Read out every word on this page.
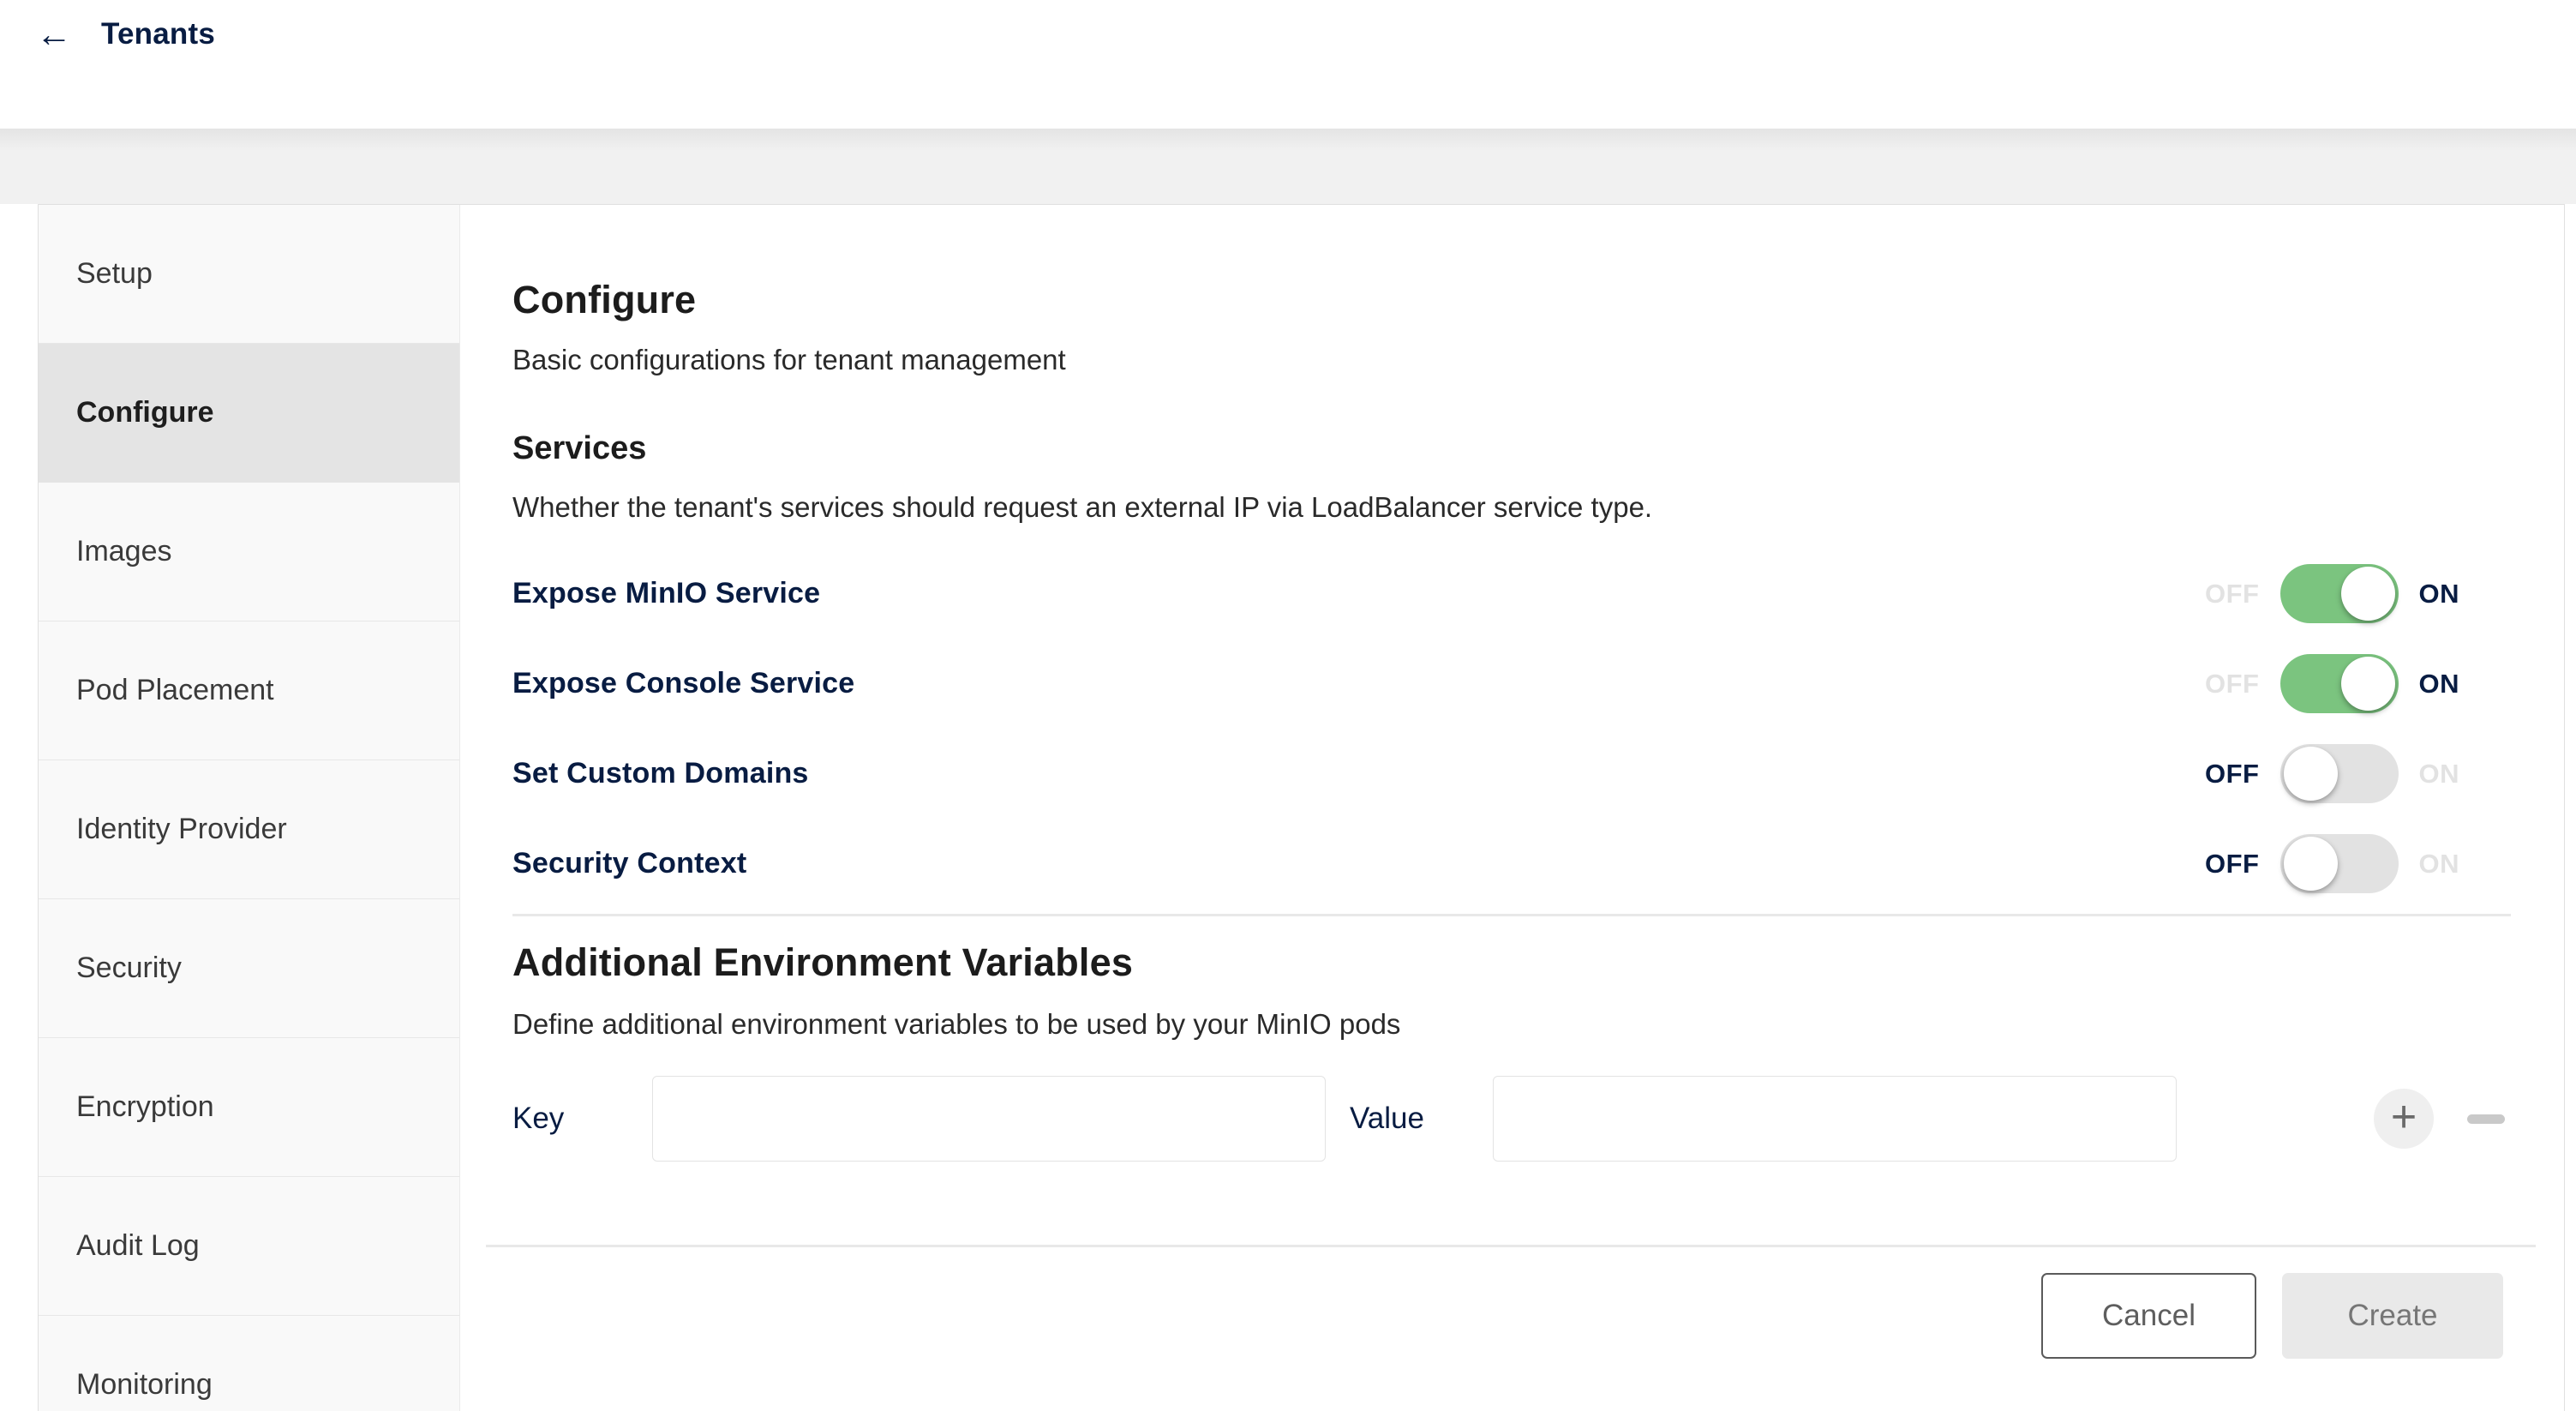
← Tenants
Setup
Configure
Images
Pod Placement
Identity Provider
Security
Encryption
Audit Log
Monitoring
Configure
Basic configurations for tenant management
Services
Whether the tenant's services should request an external IP via LoadBalancer service type.
Expose MinIO Service	OFF	ON
Expose Console Service	OFF	ON
Set Custom Domains	OFF	ON
Security Context	OFF	ON
Additional Environment Variables
Define additional environment variables to be used by your MinIO pods
Key	Value	+
Cancel	Create
